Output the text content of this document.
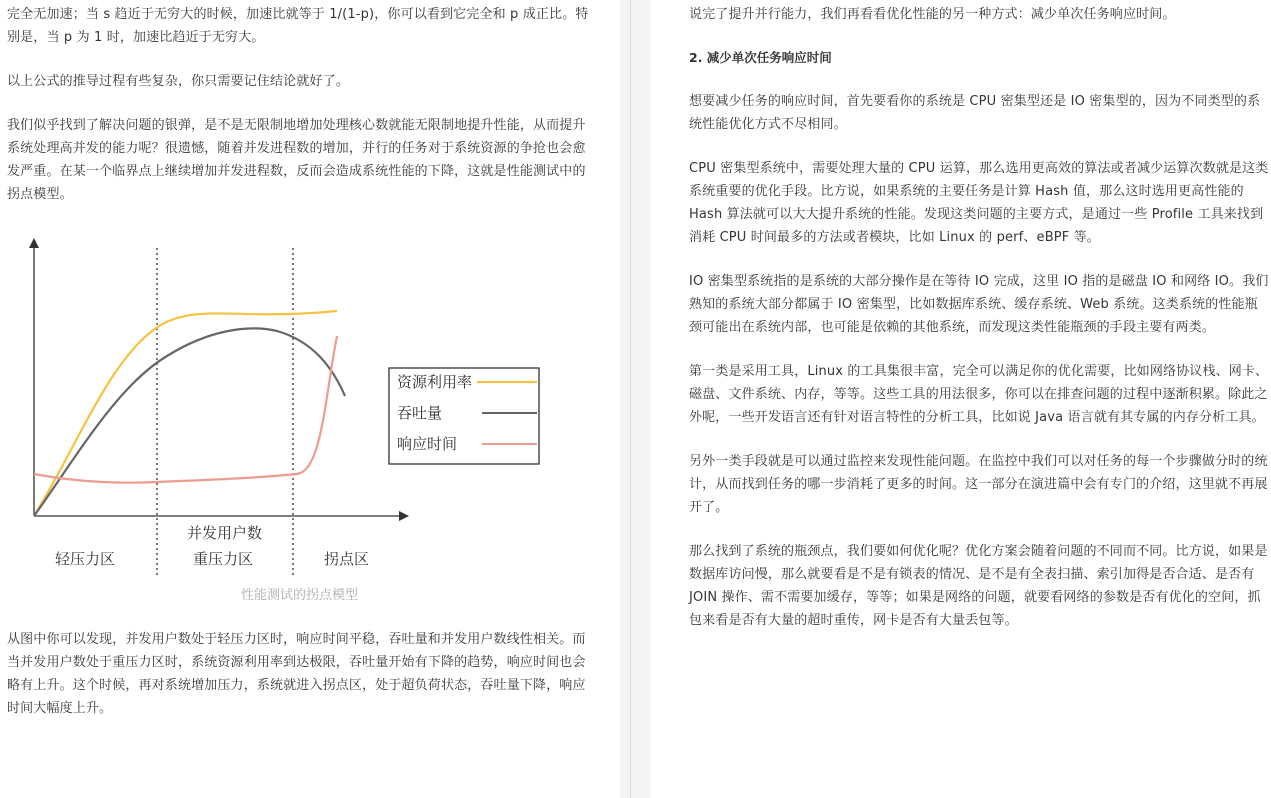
完全无加速；当 s 趋近于无穷大的时候，加速比就等于 1/(1-p)，你可以看到它完全和 p 成正比。特别是，当 p 为 1 时，加速比趋近于无穷大。

以上公式的推导过程有些复杂，你只需要记住结论就好了。

我们似乎找到了解决问题的银弹，是不是无限制地增加处理核心数就能无限制地提升性能，从而提升系统处理高并发的能力呢？很遗憾，随着并发进程数的增加，并行的任务对于系统资源的争抢也会愈发严重。在某一个临界点上继续增加并发进程数，反而会造成系统性能的下降，这就是性能测试中的拐点模型。

资源利用率
吞吐量
响应时间
并发用户数
轻压力区	重压力区	拐点区
性能测试的拐点模型

从图中你可以发现，并发用户数处于轻压力区时，响应时间平稳，吞吐量和并发用户数线性相关。而当并发用户数处于重压力区时，系统资源利用率到达极限，吞吐量开始有下降的趋势，响应时间也会略有上升。这个时候，再对系统增加压力，系统就进入拐点区，处于超负荷状态，吞吐量下降，响应时间大幅度上升。

说完了提升并行能力，我们再看看优化性能的另一种方式：减少单次任务响应时间。

2. 减少单次任务响应时间

想要减少任务的响应时间，首先要看你的系统是 CPU 密集型还是 IO 密集型的，因为不同类型的系统性能优化方式不尽相同。

CPU 密集型系统中，需要处理大量的 CPU 运算，那么选用更高效的算法或者减少运算次数就是这类系统重要的优化手段。比方说，如果系统的主要任务是计算 Hash 值，那么这时选用更高性能的 Hash 算法就可以大大提升系统的性能。发现这类问题的主要方式，是通过一些 Profile 工具来找到消耗 CPU 时间最多的方法或者模块，比如 Linux 的 perf、eBPF 等。

IO 密集型系统指的是系统的大部分操作是在等待 IO 完成，这里 IO 指的是磁盘 IO 和网络 IO。我们熟知的系统大部分都属于 IO 密集型，比如数据库系统、缓存系统、Web 系统。这类系统的性能瓶颈可能出在系统内部，也可能是依赖的其他系统，而发现这类性能瓶颈的手段主要有两类。

第一类是采用工具，Linux 的工具集很丰富，完全可以满足你的优化需要，比如网络协议栈、网卡、磁盘、文件系统、内存，等等。这些工具的用法很多，你可以在排查问题的过程中逐渐积累。除此之外呢，一些开发语言还有针对语言特性的分析工具，比如说 Java 语言就有其专属的内存分析工具。

另外一类手段就是可以通过监控来发现性能问题。在监控中我们可以对任务的每一个步骤做分时的统计，从而找到任务的哪一步消耗了更多的时间。这一部分在演进篇中会有专门的介绍，这里就不再展开了。

那么找到了系统的瓶颈点，我们要如何优化呢？优化方案会随着问题的不同而不同。比方说，如果是数据库访问慢，那么就要看是不是有锁表的情况、是不是有全表扫描、索引加得是否合适、是否有 JOIN 操作、需不需要加缓存，等等；如果是网络的问题，就要看网络的参数是否有优化的空间，抓包来看是否有大量的超时重传，网卡是否有大量丢包等。
